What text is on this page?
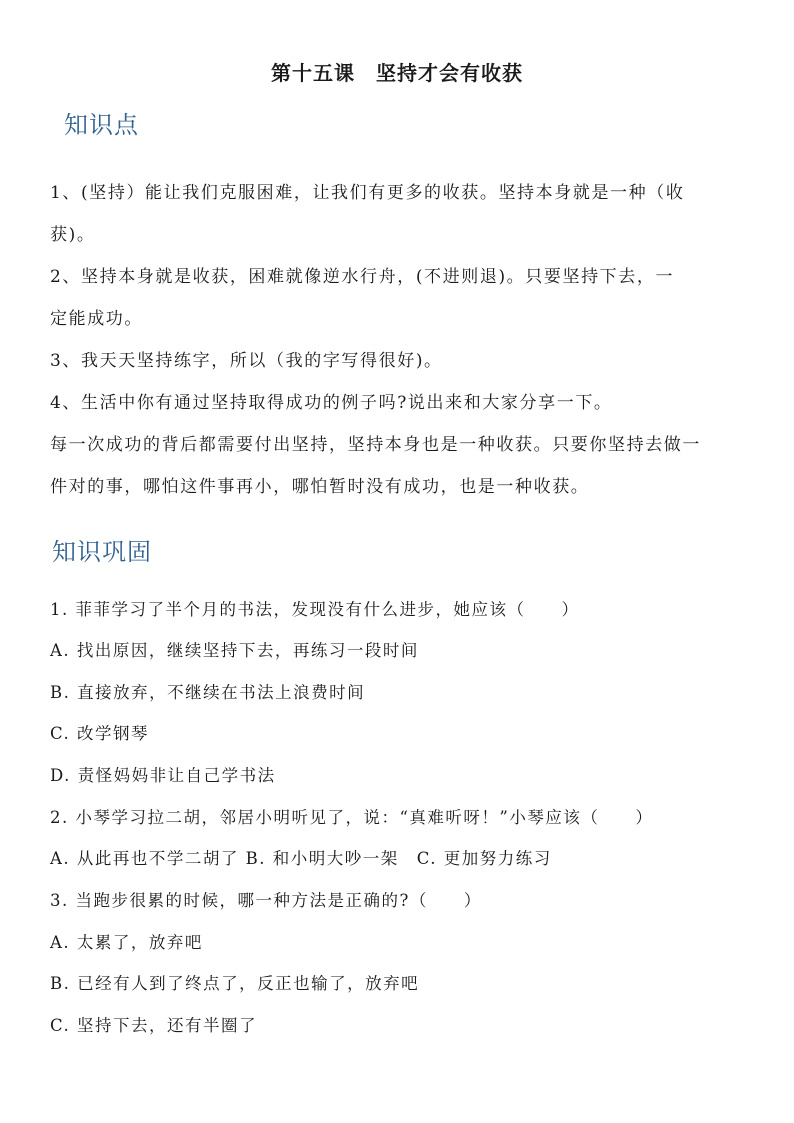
第十五课　坚持才会有收获
知识点
1、(坚持）能让我们克服困难，让我们有更多的收获。坚持本身就是一种（收
获)。
2、坚持本身就是收获，困难就像逆水行舟，(不进则退)。只要坚持下去，一
定能成功。
3、我天天坚持练字，所以（我的字写得很好)。
4、生活中你有通过坚持取得成功的例子吗?说出来和大家分享一下。
每一次成功的背后都需要付出坚持，坚持本身也是一种收获。只要你坚持去做一
件对的事，哪怕这件事再小，哪怕暂时没有成功，也是一种收获。
知识巩固
1. 菲菲学习了半个月的书法，发现没有什么进步，她应该（　　）
A. 找出原因，继续坚持下去，再练习一段时间
B. 直接放弃，不继续在书法上浪费时间
C. 改学钢琴
D. 责怪妈妈非让自己学书法
2. 小琴学习拉二胡，邻居小明听见了，说：“真难听呀！”小琴应该（　　）
A. 从此再也不学二胡了 B. 和小明大吵一架　C. 更加努力练习
3. 当跑步很累的时候，哪一种方法是正确的?（　　）
A. 太累了，放弃吧
B. 已经有人到了终点了，反正也输了，放弃吧
C. 坚持下去，还有半圈了
